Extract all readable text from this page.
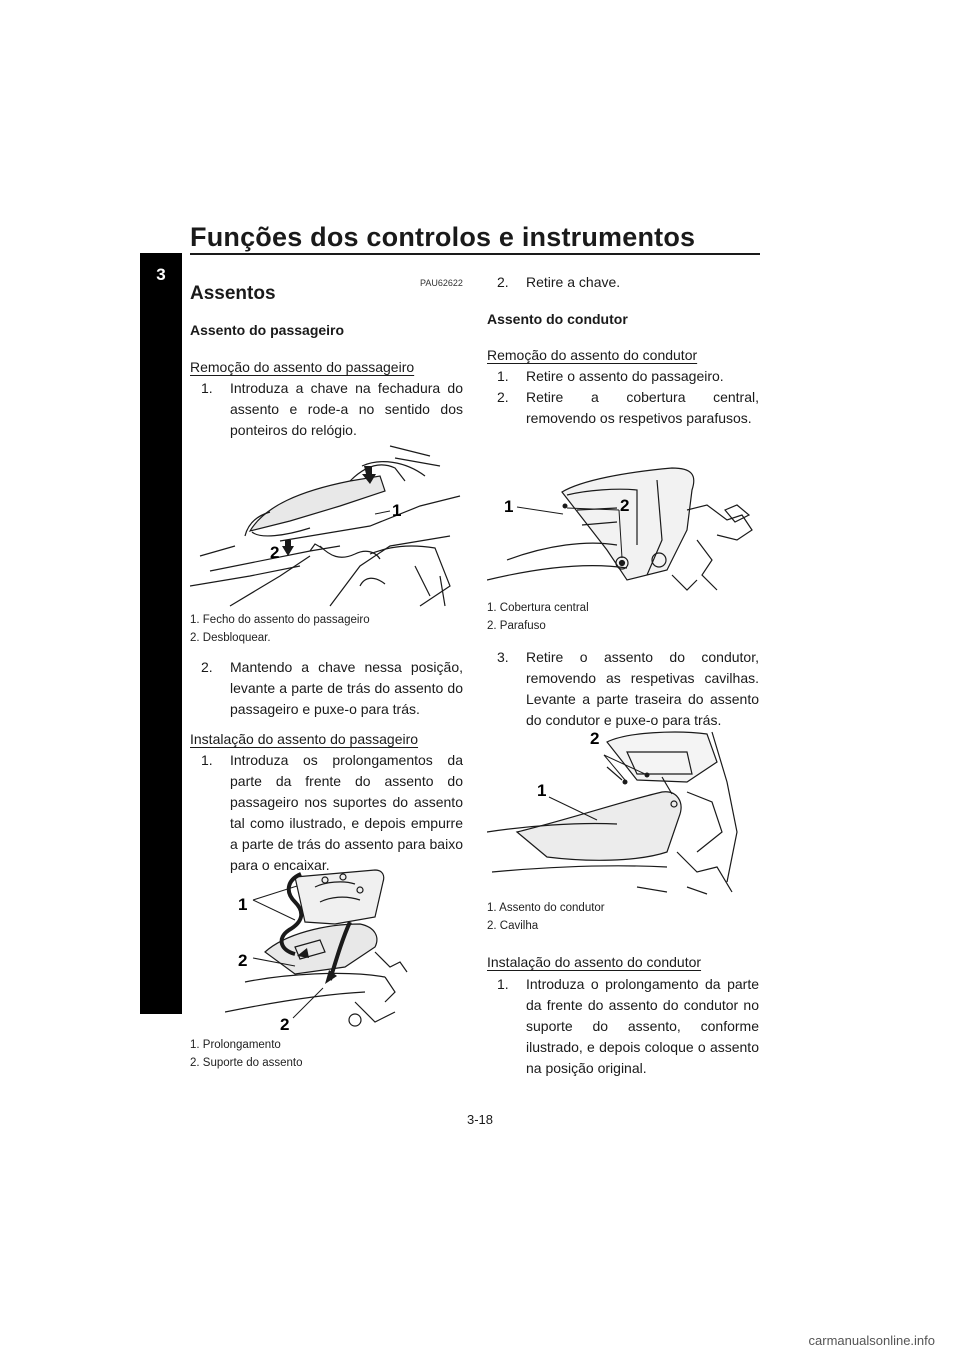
Funções dos controlos e instrumentos
3	PAU62622
Assentos
Assento do passageiro
Remoção do assento do passageiro
1. Introduza a chave na fechadura do assento e rode-a no sentido dos ponteiros do relógio.
1
2
1. Fecho do assento do passageiro
2. Desbloquear.
2. Mantendo a chave nessa posição, levante a parte de trás do assento do passageiro e puxe-o para trás.
Instalação do assento do passageiro
1. Introduza os prolongamentos da parte da frente do assento do passageiro nos suportes do assento tal como ilustrado, e depois empurre a parte de trás do assento para baixo para o encaixar.
1
2
2
1. Prolongamento
2. Suporte do assento
2. Retire a chave.
Assento do condutor
Remoção do assento do condutor
1. Retire o assento do passageiro.
2. Retire a cobertura central, removendo os respetivos parafusos.
1	2
1. Cobertura central
2. Parafuso
3. Retire o assento do condutor, removendo as respetivas cavilhas. Levante a parte traseira do assento do condutor e puxe-o para trás.
2
1
1. Assento do condutor
2. Cavilha
Instalação do assento do condutor
1. Introduza o prolongamento da parte da frente do assento do condutor no suporte do assento, conforme ilustrado, e depois coloque o assento na posição original.
3-18
carmanualsonline.info
